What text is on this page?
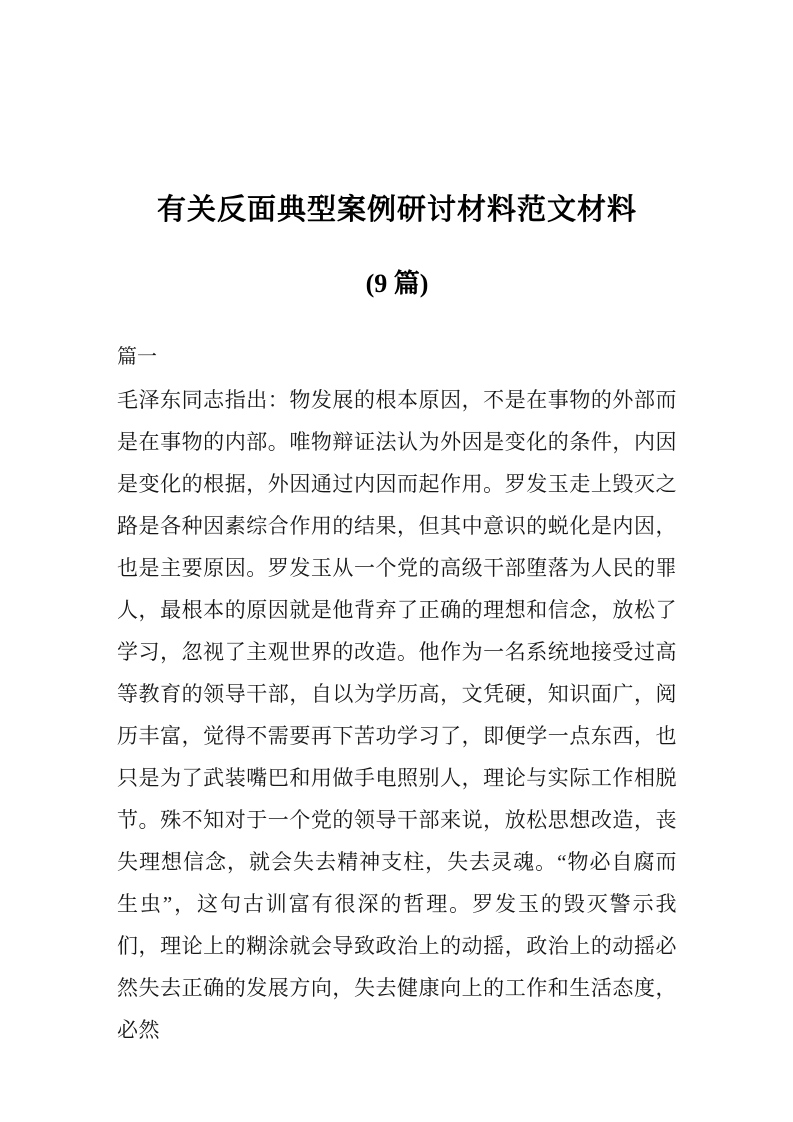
有关反面典型案例研讨材料范文材料
(9 篇)

篇一

毛泽东同志指出：物发展的根本原因，不是在事物的外部而是在事物的内部。唯物辩证法认为外因是变化的条件，内因是变化的根据，外因通过内因而起作用。罗发玉走上毁灭之路是各种因素综合作用的结果，但其中意识的蜕化是内因，也是主要原因。罗发玉从一个党的高级干部堕落为人民的罪人，最根本的原因就是他背弃了正确的理想和信念，放松了学习，忽视了主观世界的改造。他作为一名系统地接受过高等教育的领导干部，自以为学历高，文凭硬，知识面广，阅历丰富，觉得不需要再下苦功学习了，即便学一点东西，也只是为了武装嘴巴和用做手电照别人，理论与实际工作相脱节。殊不知对于一个党的领导干部来说，放松思想改造，丧失理想信念，就会失去精神支柱，失去灵魂。“物必自腐而生虫”，这句古训富有很深的哲理。罗发玉的毁灭警示我们，理论上的糊涂就会导致政治上的动摇，政治上的动摇必然失去正确的发展方向，失去健康向上的工作和生活态度，必然
